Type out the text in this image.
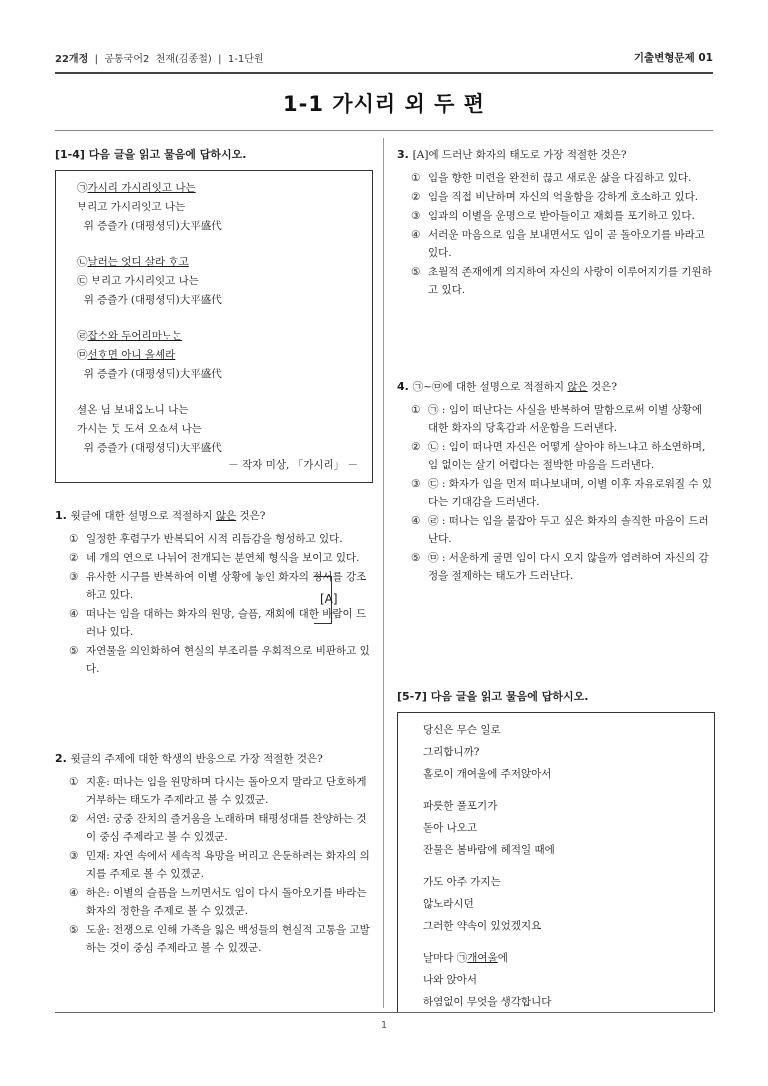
22개정  |  공통국어2  천재(김종철)  |  1-1단원	기출변형문제 01
1-1 가시리 외 두 편
[1-4] 다음 글을 읽고 물음에 답하시오.
㉠가시리 가시리잇고 나는
ᄇᆞ리고 가시리잇고 나는
위 증즐가 (대평셩ᄃᆡ)大平盛代
㉡날러는 엇디 살라 ᄒᆞ고
㉢ ᄇᆞ리고 가시리잇고 나는
위 증즐가 (대평셩ᄃᆡ)大平盛代
㉣잡ᄉᆞ와 두어리마ᄂᆞᄂᆞᆫ
㉤선ᄒᆞ면 아니 올셰라
위 증즐가 (대평셩ᄃᆡ)大平盛代
셜온 님 보내ᄋᆞᆸ노니 나는
가시는 ᄃᆞᆺ 도셔 오쇼셔 나는
위 증즐가 (대평셩ᄃᆡ)大平盛代
[A]
－ 작자 미상, 「가시리」 －
1. 윗글에 대한 설명으로 적절하지 않은 것은?
① 일정한 후렴구가 반복되어 시적 리듬감을 형성하고 있다.
② 네 개의 연으로 나뉘어 전개되는 분연체 형식을 보이고 있다.
③ 유사한 시구를 반복하여 이별 상황에 놓인 화자의 정서를 강조하고 있다.
④ 떠나는 임을 대하는 화자의 원망, 슬픔, 재회에 대한 바람이 드러나 있다.
⑤ 자연물을 의인화하여 현실의 부조리를 우회적으로 비판하고 있다.
2. 윗글의 주제에 대한 학생의 반응으로 가장 적절한 것은?
① 지훈: 떠나는 임을 원망하며 다시는 돌아오지 말라고 단호하게 거부하는 태도가 주제라고 볼 수 있겠군.
② 서연: 궁중 잔치의 즐거움을 노래하며 태평성대를 찬양하는 것이 중심 주제라고 볼 수 있겠군.
③ 민재: 자연 속에서 세속적 욕망을 버리고 은둔하려는 화자의 의지를 주제로 볼 수 있겠군.
④ 하은: 이별의 슬픔을 느끼면서도 임이 다시 돌아오기를 바라는 화자의 정한을 주제로 볼 수 있겠군.
⑤ 도윤: 전쟁으로 인해 가족을 잃은 백성들의 현실적 고통을 고발하는 것이 중심 주제라고 볼 수 있겠군.
3. [A]에 드러난 화자의 태도로 가장 적절한 것은?
① 임을 향한 미련을 완전히 끊고 새로운 삶을 다짐하고 있다.
② 임을 직접 비난하며 자신의 억울함을 강하게 호소하고 있다.
③ 임과의 이별을 운명으로 받아들이고 재회를 포기하고 있다.
④ 서러운 마음으로 임을 보내면서도 임이 곧 돌아오기를 바라고 있다.
⑤ 초월적 존재에게 의지하여 자신의 사랑이 이루어지기를 기원하고 있다.
4. ㉠~㉤에 대한 설명으로 적절하지 않은 것은?
① ㉠ : 임이 떠난다는 사실을 반복하여 말함으로써 이별 상황에 대한 화자의 당혹감과 서운함을 드러낸다.
② ㉡ : 임이 떠나면 자신은 어떻게 살아야 하느냐고 하소연하며, 임 없이는 살기 어렵다는 절박한 마음을 드러낸다.
③ ㉢ : 화자가 임을 먼저 떠나보내며, 이별 이후 자유로워질 수 있다는 기대감을 드러낸다.
④ ㉣ : 떠나는 임을 붙잡아 두고 싶은 화자의 솔직한 마음이 드러난다.
⑤ ㉤ : 서운하게 굴면 임이 다시 오지 않을까 염려하여 자신의 감정을 절제하는 태도가 드러난다.
[5-7] 다음 글을 읽고 물음에 답하시오.
당신은 무슨 일로
그리합니까?
홀로이 개여울에 주저앉아서
파릇한 풀포기가
돋아 나오고
잔물은 봄바람에 헤적일 때에
가도 아주 가지는
않노라시던
그러한 약속이 있었겠지요
날마다 ㉠개여울에
나와 앉아서
하염없이 무엇을 생각합니다
1
